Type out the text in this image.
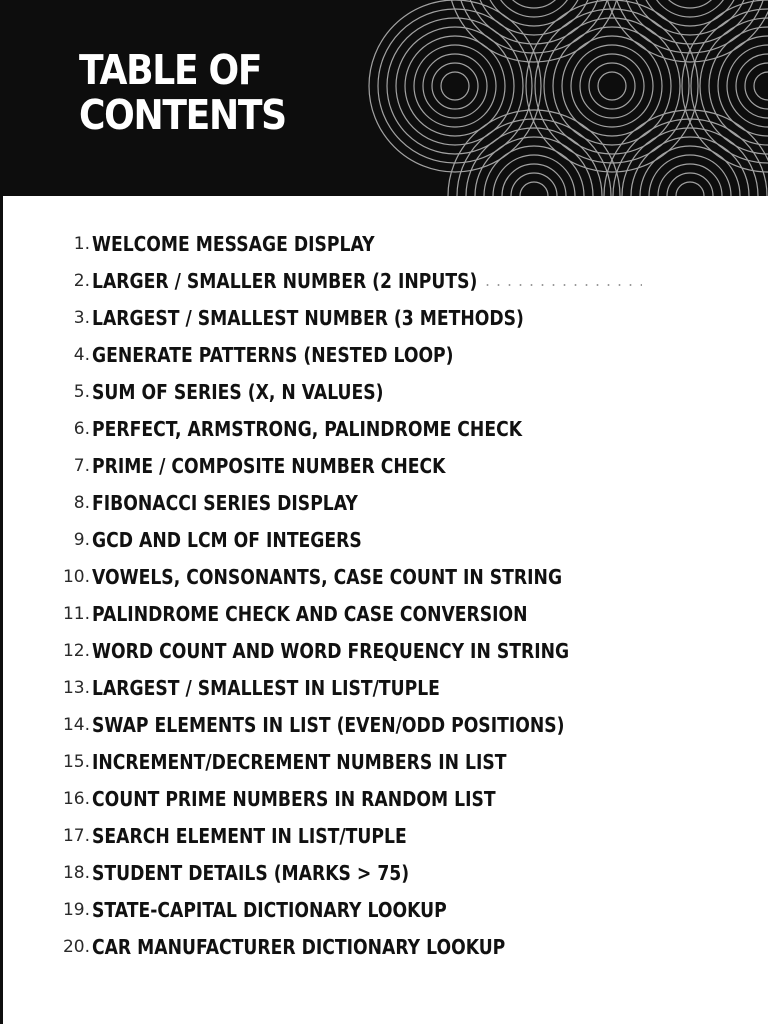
TABLE OF
CONTENTS
1. WELCOME MESSAGE DISPLAY
2. LARGER / SMALLER NUMBER (2 INPUTS)
3. LARGEST / SMALLEST NUMBER (3 METHODS)
4. GENERATE PATTERNS (NESTED LOOP)
5. SUM OF SERIES (X, N VALUES)
6. PERFECT, ARMSTRONG, PALINDROME CHECK
7. PRIME / COMPOSITE NUMBER CHECK
8. FIBONACCI SERIES DISPLAY
9. GCD AND LCM OF INTEGERS
10. VOWELS, CONSONANTS, CASE COUNT IN STRING
11. PALINDROME CHECK AND CASE CONVERSION
12. WORD COUNT AND WORD FREQUENCY IN STRING
13. LARGEST / SMALLEST IN LIST/TUPLE
14. SWAP ELEMENTS IN LIST (EVEN/ODD POSITIONS)
15. INCREMENT/DECREMENT NUMBERS IN LIST
16. COUNT PRIME NUMBERS IN RANDOM LIST
17. SEARCH ELEMENT IN LIST/TUPLE
18. STUDENT DETAILS (MARKS > 75)
19. STATE-CAPITAL DICTIONARY LOOKUP
20. CAR MANUFACTURER DICTIONARY LOOKUP
